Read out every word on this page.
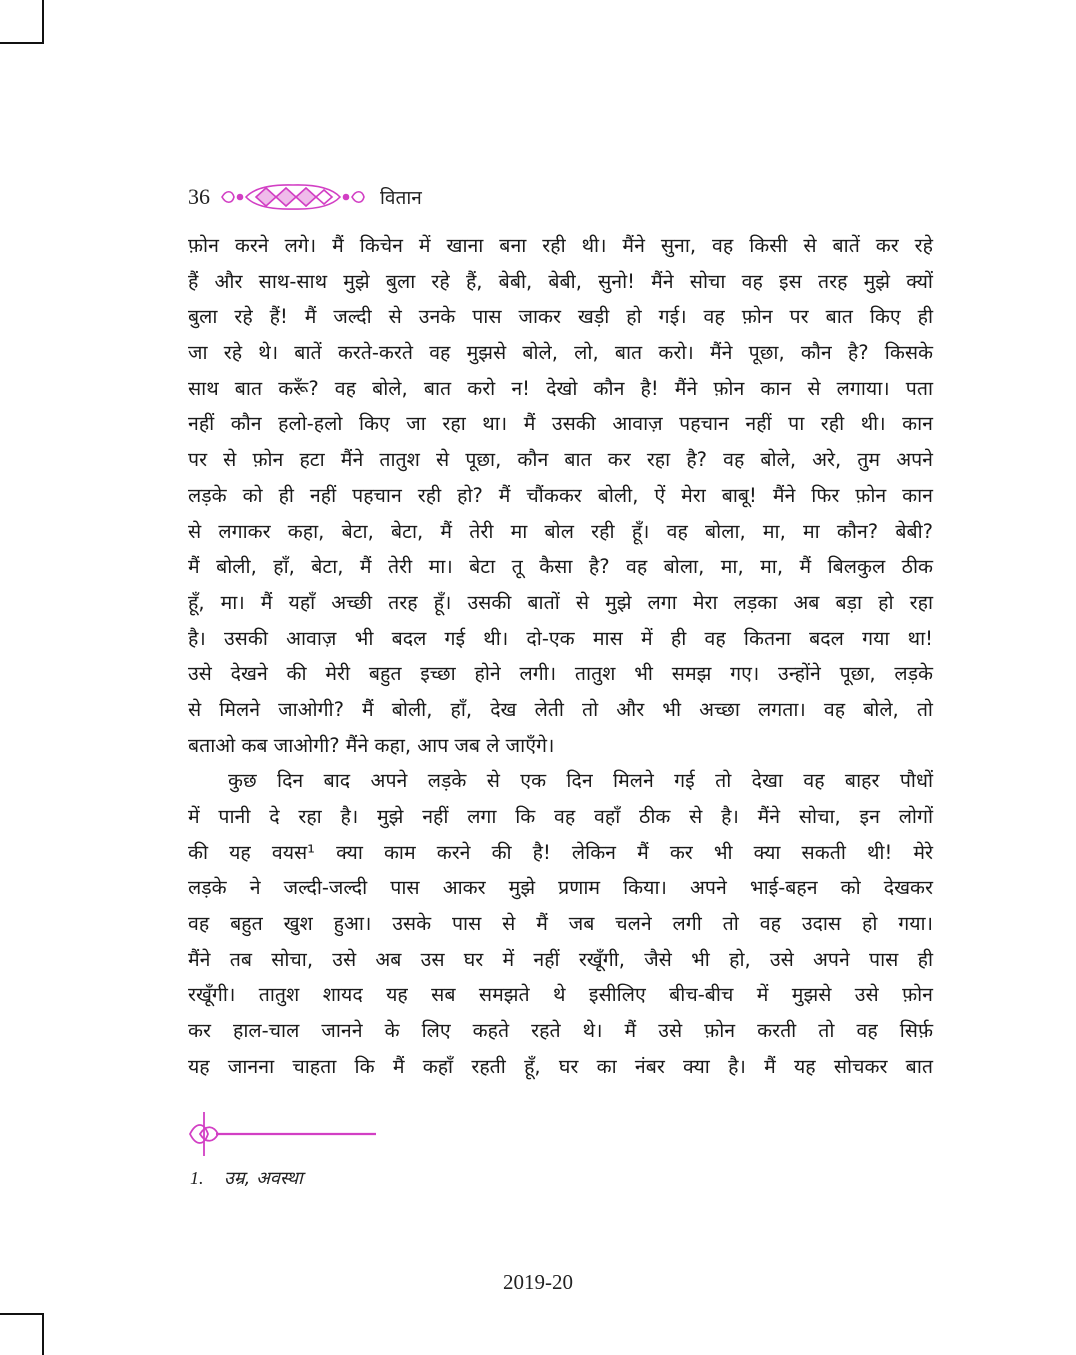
36	वितान
फ़ोन करने लगे। मैं किचेन में खाना बना रही थी। मैंने सुना, वह किसी से बातें कर रहे
हैं और साथ-साथ मुझे बुला रहे हैं, बेबी, बेबी, सुनो! मैंने सोचा वह इस तरह मुझे क्यों
बुला रहे हैं! मैं जल्दी से उनके पास जाकर खड़ी हो गई। वह फ़ोन पर बात किए ही
जा रहे थे। बातें करते-करते वह मुझसे बोले, लो, बात करो। मैंने पूछा, कौन है? किसके
साथ बात करूँ? वह बोले, बात करो न! देखो कौन है! मैंने फ़ोन कान से लगाया। पता
नहीं कौन हलो-हलो किए जा रहा था। मैं उसकी आवाज़ पहचान नहीं पा रही थी। कान
पर से फ़ोन हटा मैंने तातुश से पूछा, कौन बात कर रहा है? वह बोले, अरे, तुम अपने
लड़के को ही नहीं पहचान रही हो? मैं चौंककर बोली, ऐं मेरा बाबू! मैंने फिर फ़ोन कान
से लगाकर कहा, बेटा, बेटा, मैं तेरी मा बोल रही हूँ। वह बोला, मा, मा कौन? बेबी?
मैं बोली, हाँ, बेटा, मैं तेरी मा। बेटा तू कैसा है? वह बोला, मा, मा, मैं बिलकुल ठीक
हूँ, मा। मैं यहाँ अच्छी तरह हूँ। उसकी बातों से मुझे लगा मेरा लड़का अब बड़ा हो रहा
है। उसकी आवाज़ भी बदल गई थी। दो-एक मास में ही वह कितना बदल गया था!
उसे देखने की मेरी बहुत इच्छा होने लगी। तातुश भी समझ गए। उन्होंने पूछा, लड़के
से मिलने जाओगी? मैं बोली, हाँ, देख लेती तो और भी अच्छा लगता। वह बोले, तो
बताओ कब जाओगी? मैंने कहा, आप जब ले जाएँगे।
कुछ दिन बाद अपने लड़के से एक दिन मिलने गई तो देखा वह बाहर पौधों
में पानी दे रहा है। मुझे नहीं लगा कि वह वहाँ ठीक से है। मैंने सोचा, इन लोगों
की यह वयस¹ क्या काम करने की है! लेकिन मैं कर भी क्या सकती थी! मेरे
लड़के ने जल्दी-जल्दी पास आकर मुझे प्रणाम किया। अपने भाई-बहन को देखकर
वह बहुत खुश हुआ। उसके पास से मैं जब चलने लगी तो वह उदास हो गया।
मैंने तब सोचा, उसे अब उस घर में नहीं रखूँगी, जैसे भी हो, उसे अपने पास ही
रखूँगी। तातुश शायद यह सब समझते थे इसीलिए बीच-बीच में मुझसे उसे फ़ोन
कर हाल-चाल जानने के लिए कहते रहते थे। मैं उसे फ़ोन करती तो वह सिर्फ़
यह जानना चाहता कि मैं कहाँ रहती हूँ, घर का नंबर क्या है। मैं यह सोचकर बात
1. उम्र, अवस्था
2019-20
